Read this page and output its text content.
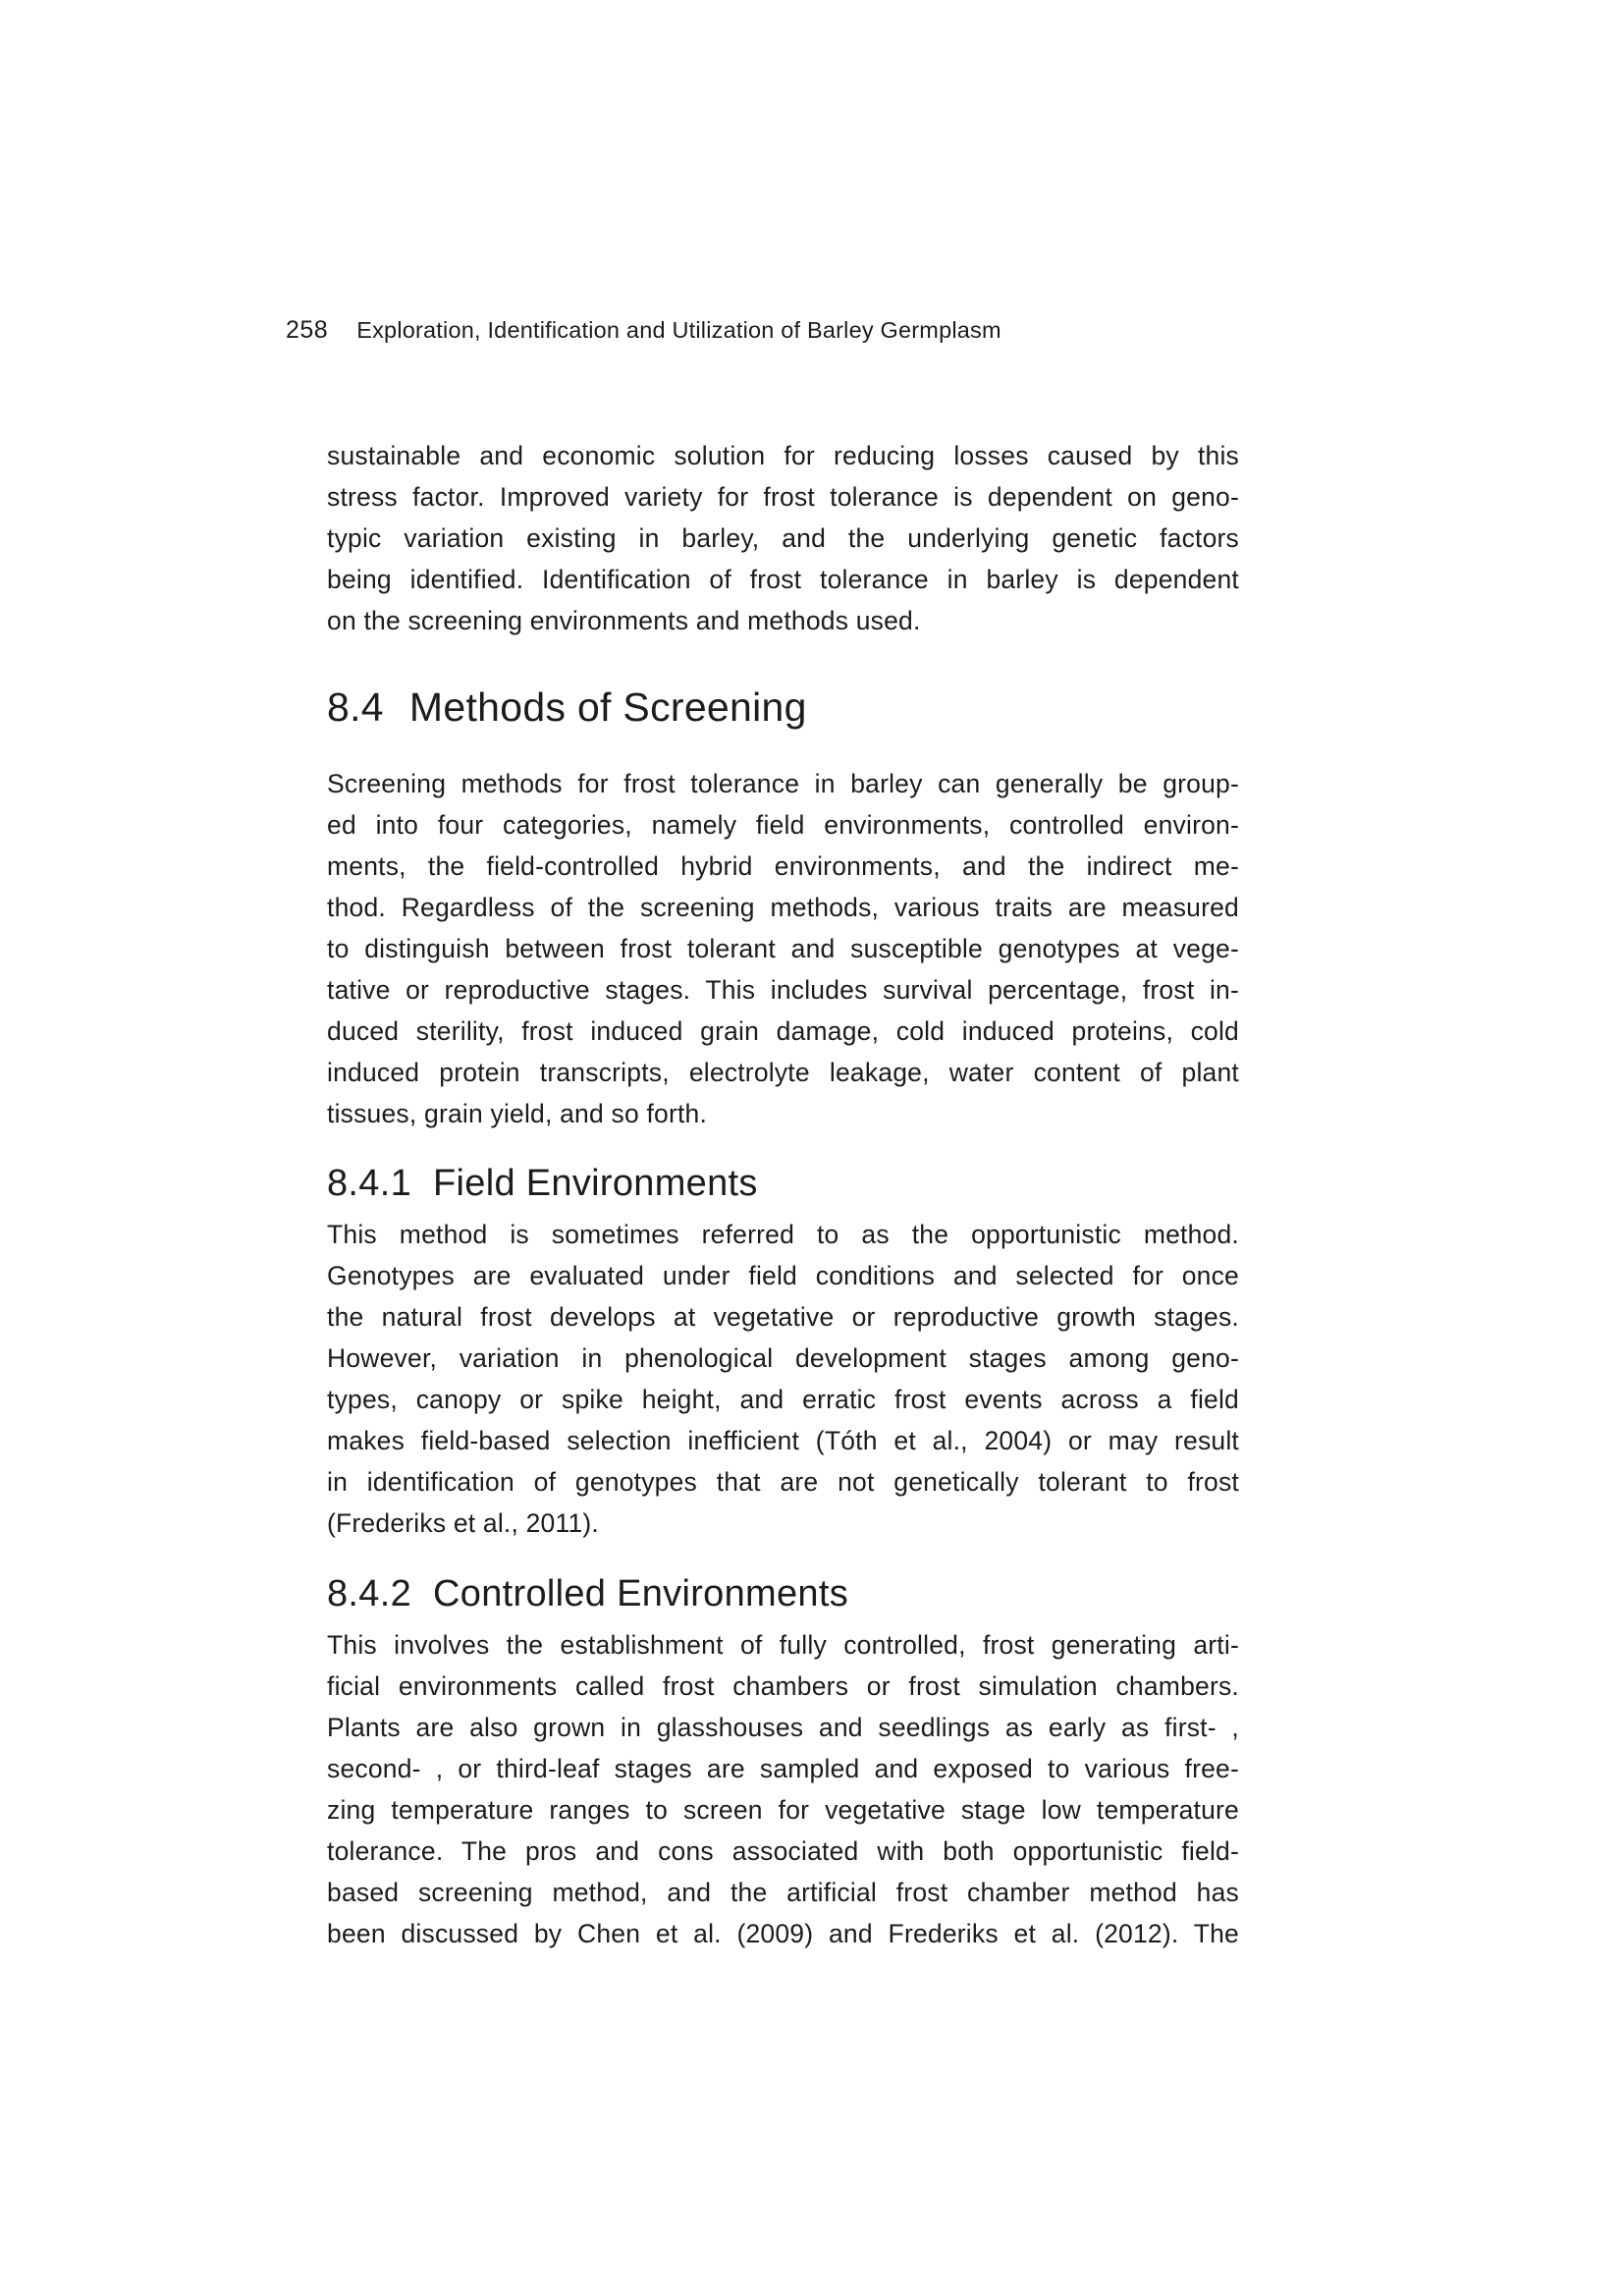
258 Exploration, Identification and Utilization of Barley Germplasm
sustainable and economic solution for reducing losses caused by this
stress factor. Improved variety for frost tolerance is dependent on geno-
typic variation existing in barley, and the underlying genetic factors
being identified. Identification of frost tolerance in barley is dependent
on the screening environments and methods used.
8.4 Methods of Screening
Screening methods for frost tolerance in barley can generally be group-
ed into four categories, namely field environments, controlled environ-
ments, the field-controlled hybrid environments, and the indirect me-
thod. Regardless of the screening methods, various traits are measured
to distinguish between frost tolerant and susceptible genotypes at vege-
tative or reproductive stages. This includes survival percentage, frost in-
duced sterility, frost induced grain damage, cold induced proteins, cold
induced protein transcripts, electrolyte leakage, water content of plant
tissues, grain yield, and so forth.
8.4.1 Field Environments
This method is sometimes referred to as the opportunistic method.
Genotypes are evaluated under field conditions and selected for once
the natural frost develops at vegetative or reproductive growth stages.
However, variation in phenological development stages among geno-
types, canopy or spike height, and erratic frost events across a field
makes field-based selection inefficient (Tóth et al., 2004) or may result
in identification of genotypes that are not genetically tolerant to frost
(Frederiks et al., 2011).
8.4.2 Controlled Environments
This involves the establishment of fully controlled, frost generating arti-
ficial environments called frost chambers or frost simulation chambers.
Plants are also grown in glasshouses and seedlings as early as first- ,
second- , or third-leaf stages are sampled and exposed to various free-
zing temperature ranges to screen for vegetative stage low temperature
tolerance. The pros and cons associated with both opportunistic field-
based screening method, and the artificial frost chamber method has
been discussed by Chen et al. (2009) and Frederiks et al. (2012). The
